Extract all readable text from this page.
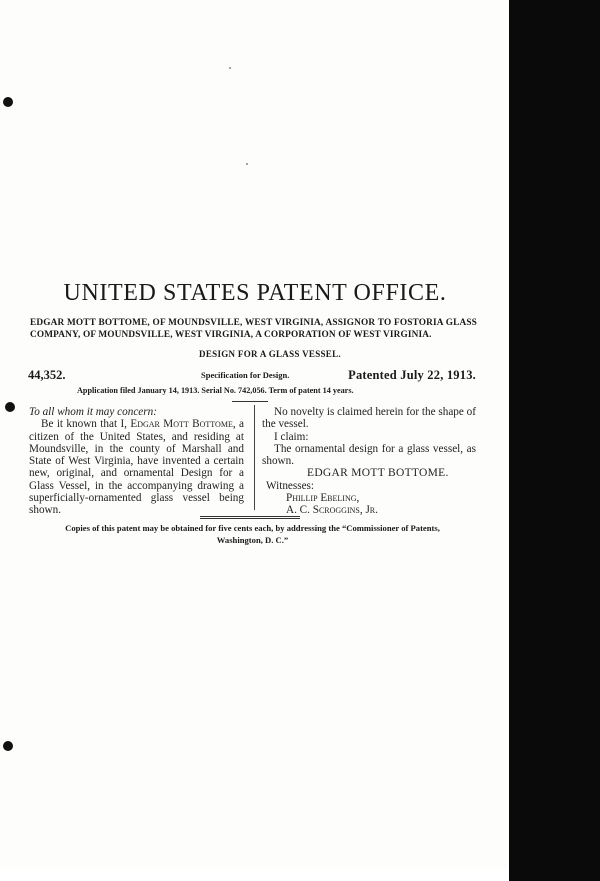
UNITED STATES PATENT OFFICE.
EDGAR MOTT BOTTOME, OF MOUNDSVILLE, WEST VIRGINIA, ASSIGNOR TO FOSTORIA GLASS COMPANY, OF MOUNDSVILLE, WEST VIRGINIA, A CORPORATION OF WEST VIRGINIA.
DESIGN FOR A GLASS VESSEL.
44,352.	Specification for Design.	Patented July 22, 1913.
Application filed January 14, 1913. Serial No. 742,056. Term of patent 14 years.

To all whom it may concern:

Be it known that I, Edgar Mott Bottome, a citizen of the United States, and residing at Moundsville, in the county of Marshall and State of West Virginia, have invented a certain new, original, and ornamental Design for a Glass Vessel, in the accompanying drawing a superficially-ornamented glass vessel being shown.

No novelty is claimed herein for the shape of the vessel.

I claim:

The ornamental design for a glass vessel, as shown.

EDGAR MOTT BOTTOME.

Witnesses:

Phillip Ebeling,

A. C. Scroggins, Jr.

Copies of this patent may be obtained for five cents each, by addressing the “Commissioner of Patents,
Washington, D. C.”
